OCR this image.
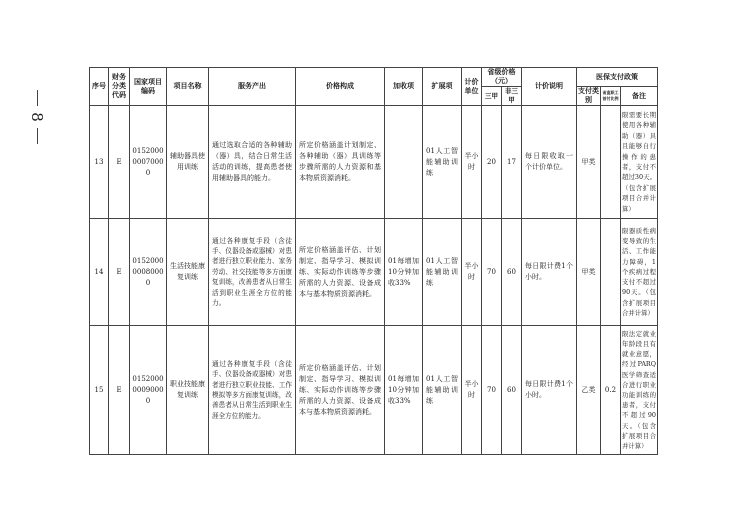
8
序号	财务分类代码	国家项目编码	项目名称	服务产出	价格构成	加收项	扩展项	计价单位	省级价格（元）		计价说明	医保支付政策		
									三甲	非三甲		支付类别	省直职工首付比例	备注
13	E	015200000070000	辅助器具使用训练	通过选取合适的各种辅助（器）具，结合日常生活活动的训练，提高患者使用辅助器具的能力。	所定价格涵盖计划制定、各种辅助（器）具训练等步骤所需的人力资源和基本物质资源消耗。		01人工智能辅助训练	半小时	20	17	每日限收取一个计价单位。	甲类		限需要长期使用各种辅助（器）具且能够自行操作的患者，支付不超过30天。（包含扩展项目合并计算）
14	E	015200000080000	生活技能康复训练	通过各种康复手段（含徒手、仪器设备或器械）对患者进行独立职业能力、家务劳动、社交技能等多方面康复训练，改善患者从日常生活到职业生涯全方位的能力。	所定价格涵盖评估、计划制定、指导学习、模拟训练、实际动作训练等步骤所需的人力资源、设备成本与基本物质资源消耗。	01每增加10分钟加收33%	01人工智能辅助训练	半小时	70	60	每日限计费1个小时。	甲类		限器质性病变导致的生活、工作能力障碍，1个疾病过程支付不超过90天。（包含扩展项目合并计算）
15	E	015200000090000	职业技能康复训练	通过各种康复手段（含徒手、仪器设备或器械）对患者进行独立职业技能、工作模拟等多方面康复训练，改善患者从日常生活到职业生涯全方位的能力。	所定价格涵盖评估、计划制定、指导学习、模拟训练、实际动作训练等步骤所需的人力资源、设备成本与基本物质资源消耗。	01每增加10分钟加收33%	01人工智能辅助训练	半小时	70	60	每日限计费1个小时。	乙类	0.2	限法定就业年龄段且有就业意愿，经过PARQ医学筛查适合进行职业功能训练的患者，支付不超过90天。（包含扩展项目合并计算）
